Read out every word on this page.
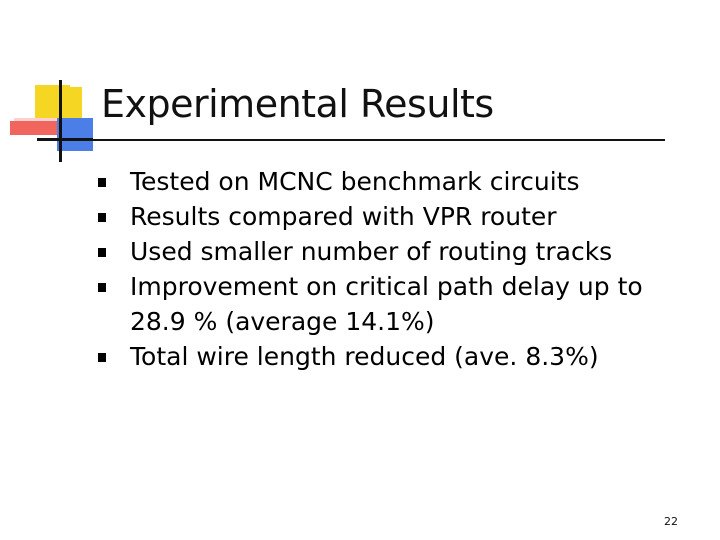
Experimental Results
Tested on MCNC benchmark circuits
Results compared with VPR router
Used smaller number of routing tracks
Improvement on critical path delay up to 28.9 % (average 14.1%)
Total wire length reduced (ave. 8.3%)
22
